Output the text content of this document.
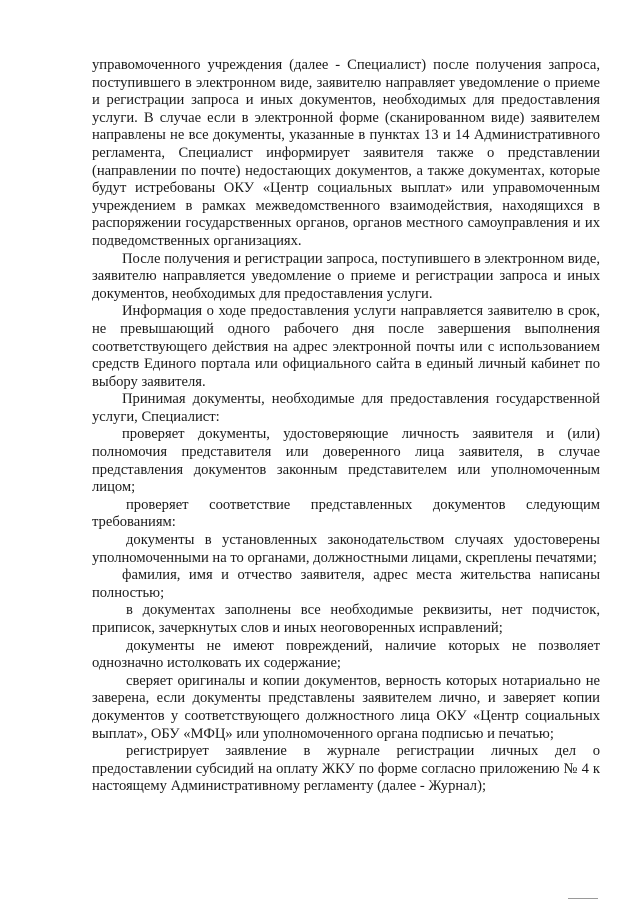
управомоченного учреждения (далее - Специалист) после получения запроса, поступившего в электронном виде, заявителю направляет уведомление о приеме и регистрации запроса и иных документов, необходимых для предоставления услуги. В случае если в электронной форме (сканированном виде) заявителем направлены не все документы, указанные в пунктах 13 и 14 Административного регламента, Специалист информирует заявителя также о представлении (направлении по почте) недостающих документов, а также документах, которые будут истребованы ОКУ «Центр социальных выплат» или управомоченным учреждением в рамках межведомственного взаимодействия, находящихся в распоряжении государственных органов, органов местного самоуправления и их подведомственных организациях.

После получения и регистрации запроса, поступившего в электронном виде, заявителю направляется уведомление о приеме и регистрации запроса и иных документов, необходимых для предоставления услуги.

Информация о ходе предоставления услуги направляется заявителю в срок, не превышающий одного рабочего дня после завершения выполнения соответствующего действия на адрес электронной почты или с использованием средств Единого портала или официального сайта в единый личный кабинет по выбору заявителя.

Принимая документы, необходимые для предоставления государственной услуги, Специалист:

проверяет документы, удостоверяющие личность заявителя и (или) полномочия представителя или доверенного лица заявителя, в случае представления документов законным представителем или уполномоченным лицом;

проверяет соответствие представленных документов следующим требованиям:

документы в установленных законодательством случаях удостоверены уполномоченными на то органами, должностными лицами, скреплены печатями;

фамилия, имя и отчество заявителя, адрес места жительства написаны полностью;

в документах заполнены все необходимые реквизиты, нет подчисток, приписок, зачеркнутых слов и иных неоговоренных исправлений;

документы не имеют повреждений, наличие которых не позволяет однозначно истолковать их содержание;

сверяет оригиналы и копии документов, верность которых нотариально не заверена, если документы представлены заявителем лично, и заверяет копии документов у соответствующего должностного лица ОКУ «Центр социальных выплат», ОБУ «МФЦ» или уполномоченного органа подписью и печатью;

регистрирует заявление в журнале регистрации личных дел о предоставлении субсидий на оплату ЖКУ по форме согласно приложению № 4 к настоящему Административному регламенту (далее - Журнал);
